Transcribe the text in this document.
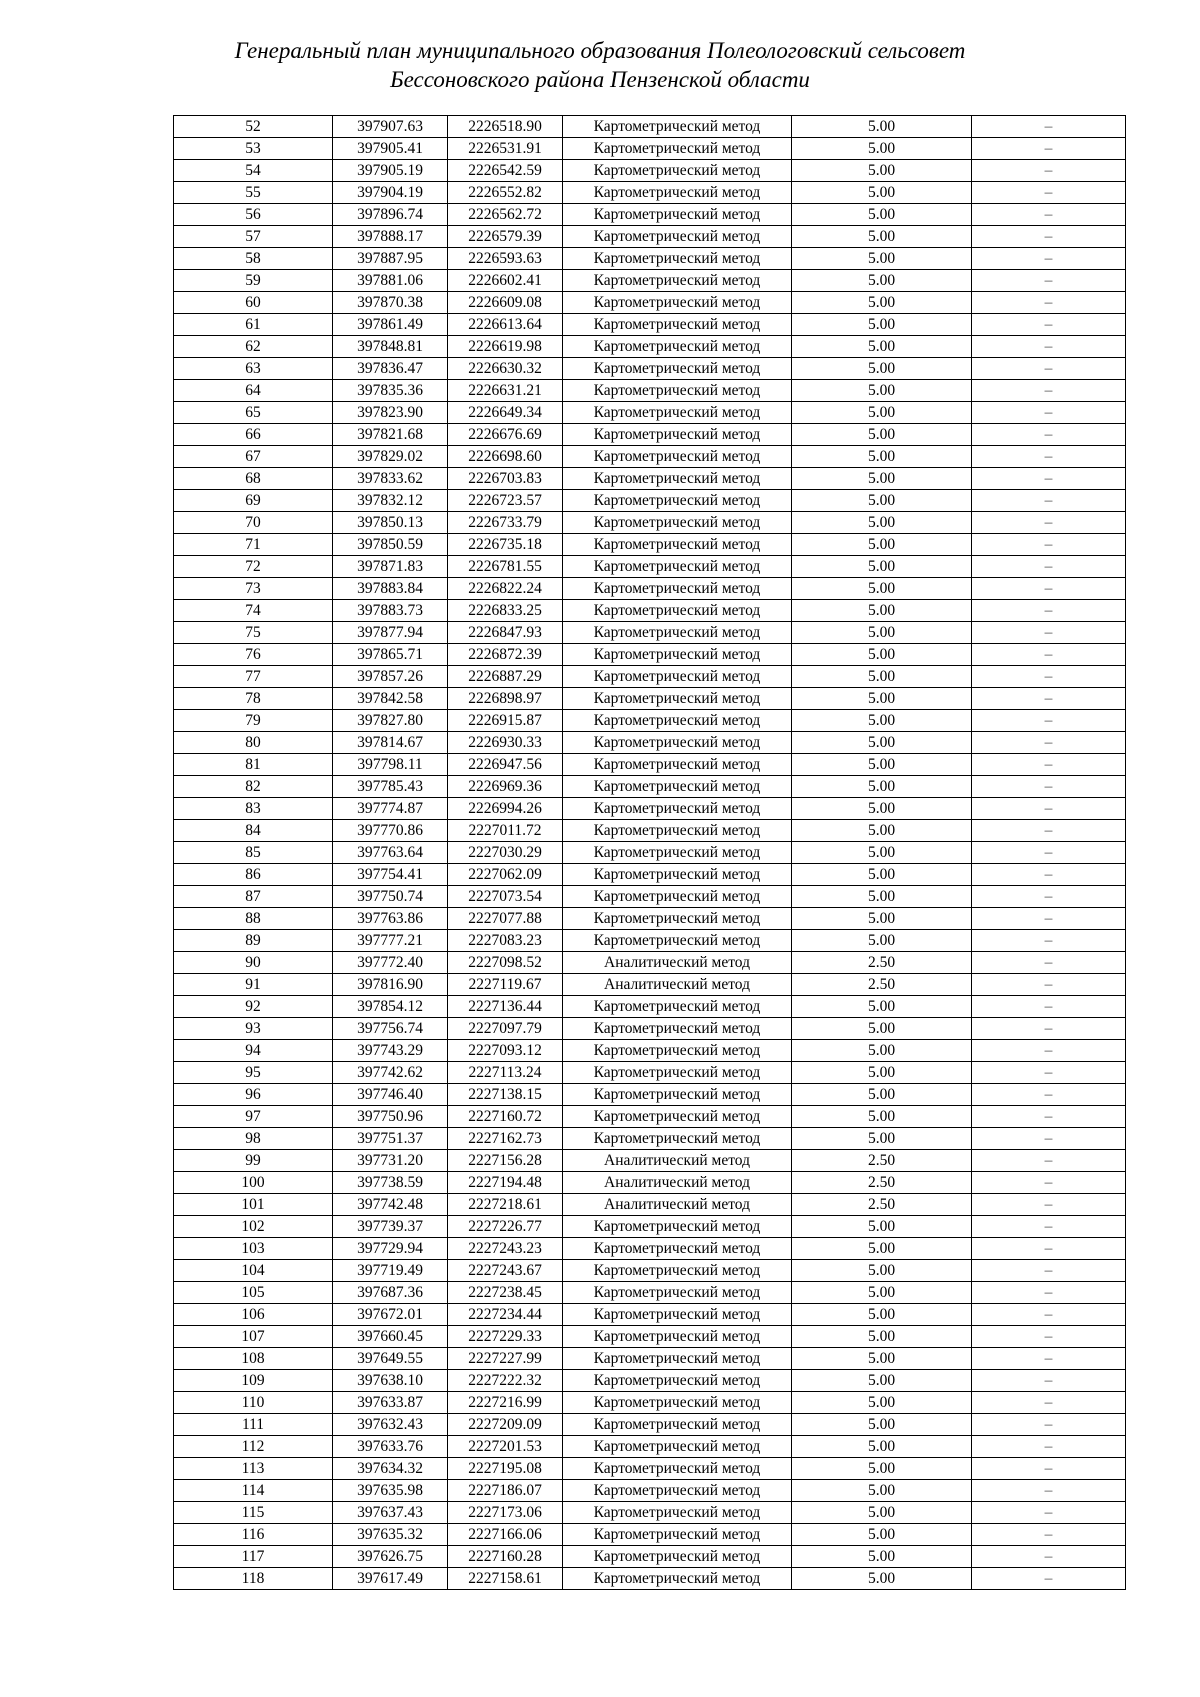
Генеральный план муниципального образования Полеологовский сельсовет
Бессоновского района Пензенской области
52	397907.63	2226518.90	Картометрический метод	5.00	–
53	397905.41	2226531.91	Картометрический метод	5.00	–
54	397905.19	2226542.59	Картометрический метод	5.00	–
55	397904.19	2226552.82	Картометрический метод	5.00	–
56	397896.74	2226562.72	Картометрический метод	5.00	–
57	397888.17	2226579.39	Картометрический метод	5.00	–
58	397887.95	2226593.63	Картометрический метод	5.00	–
59	397881.06	2226602.41	Картометрический метод	5.00	–
60	397870.38	2226609.08	Картометрический метод	5.00	–
61	397861.49	2226613.64	Картометрический метод	5.00	–
62	397848.81	2226619.98	Картометрический метод	5.00	–
63	397836.47	2226630.32	Картометрический метод	5.00	–
64	397835.36	2226631.21	Картометрический метод	5.00	–
65	397823.90	2226649.34	Картометрический метод	5.00	–
66	397821.68	2226676.69	Картометрический метод	5.00	–
67	397829.02	2226698.60	Картометрический метод	5.00	–
68	397833.62	2226703.83	Картометрический метод	5.00	–
69	397832.12	2226723.57	Картометрический метод	5.00	–
70	397850.13	2226733.79	Картометрический метод	5.00	–
71	397850.59	2226735.18	Картометрический метод	5.00	–
72	397871.83	2226781.55	Картометрический метод	5.00	–
73	397883.84	2226822.24	Картометрический метод	5.00	–
74	397883.73	2226833.25	Картометрический метод	5.00	–
75	397877.94	2226847.93	Картометрический метод	5.00	–
76	397865.71	2226872.39	Картометрический метод	5.00	–
77	397857.26	2226887.29	Картометрический метод	5.00	–
78	397842.58	2226898.97	Картометрический метод	5.00	–
79	397827.80	2226915.87	Картометрический метод	5.00	–
80	397814.67	2226930.33	Картометрический метод	5.00	–
81	397798.11	2226947.56	Картометрический метод	5.00	–
82	397785.43	2226969.36	Картометрический метод	5.00	–
83	397774.87	2226994.26	Картометрический метод	5.00	–
84	397770.86	2227011.72	Картометрический метод	5.00	–
85	397763.64	2227030.29	Картометрический метод	5.00	–
86	397754.41	2227062.09	Картометрический метод	5.00	–
87	397750.74	2227073.54	Картометрический метод	5.00	–
88	397763.86	2227077.88	Картометрический метод	5.00	–
89	397777.21	2227083.23	Картометрический метод	5.00	–
90	397772.40	2227098.52	Аналитический метод	2.50	–
91	397816.90	2227119.67	Аналитический метод	2.50	–
92	397854.12	2227136.44	Картометрический метод	5.00	–
93	397756.74	2227097.79	Картометрический метод	5.00	–
94	397743.29	2227093.12	Картометрический метод	5.00	–
95	397742.62	2227113.24	Картометрический метод	5.00	–
96	397746.40	2227138.15	Картометрический метод	5.00	–
97	397750.96	2227160.72	Картометрический метод	5.00	–
98	397751.37	2227162.73	Картометрический метод	5.00	–
99	397731.20	2227156.28	Аналитический метод	2.50	–
100	397738.59	2227194.48	Аналитический метод	2.50	–
101	397742.48	2227218.61	Аналитический метод	2.50	–
102	397739.37	2227226.77	Картометрический метод	5.00	–
103	397729.94	2227243.23	Картометрический метод	5.00	–
104	397719.49	2227243.67	Картометрический метод	5.00	–
105	397687.36	2227238.45	Картометрический метод	5.00	–
106	397672.01	2227234.44	Картометрический метод	5.00	–
107	397660.45	2227229.33	Картометрический метод	5.00	–
108	397649.55	2227227.99	Картометрический метод	5.00	–
109	397638.10	2227222.32	Картометрический метод	5.00	–
110	397633.87	2227216.99	Картометрический метод	5.00	–
111	397632.43	2227209.09	Картометрический метод	5.00	–
112	397633.76	2227201.53	Картометрический метод	5.00	–
113	397634.32	2227195.08	Картометрический метод	5.00	–
114	397635.98	2227186.07	Картометрический метод	5.00	–
115	397637.43	2227173.06	Картометрический метод	5.00	–
116	397635.32	2227166.06	Картометрический метод	5.00	–
117	397626.75	2227160.28	Картометрический метод	5.00	–
118	397617.49	2227158.61	Картометрический метод	5.00	–
